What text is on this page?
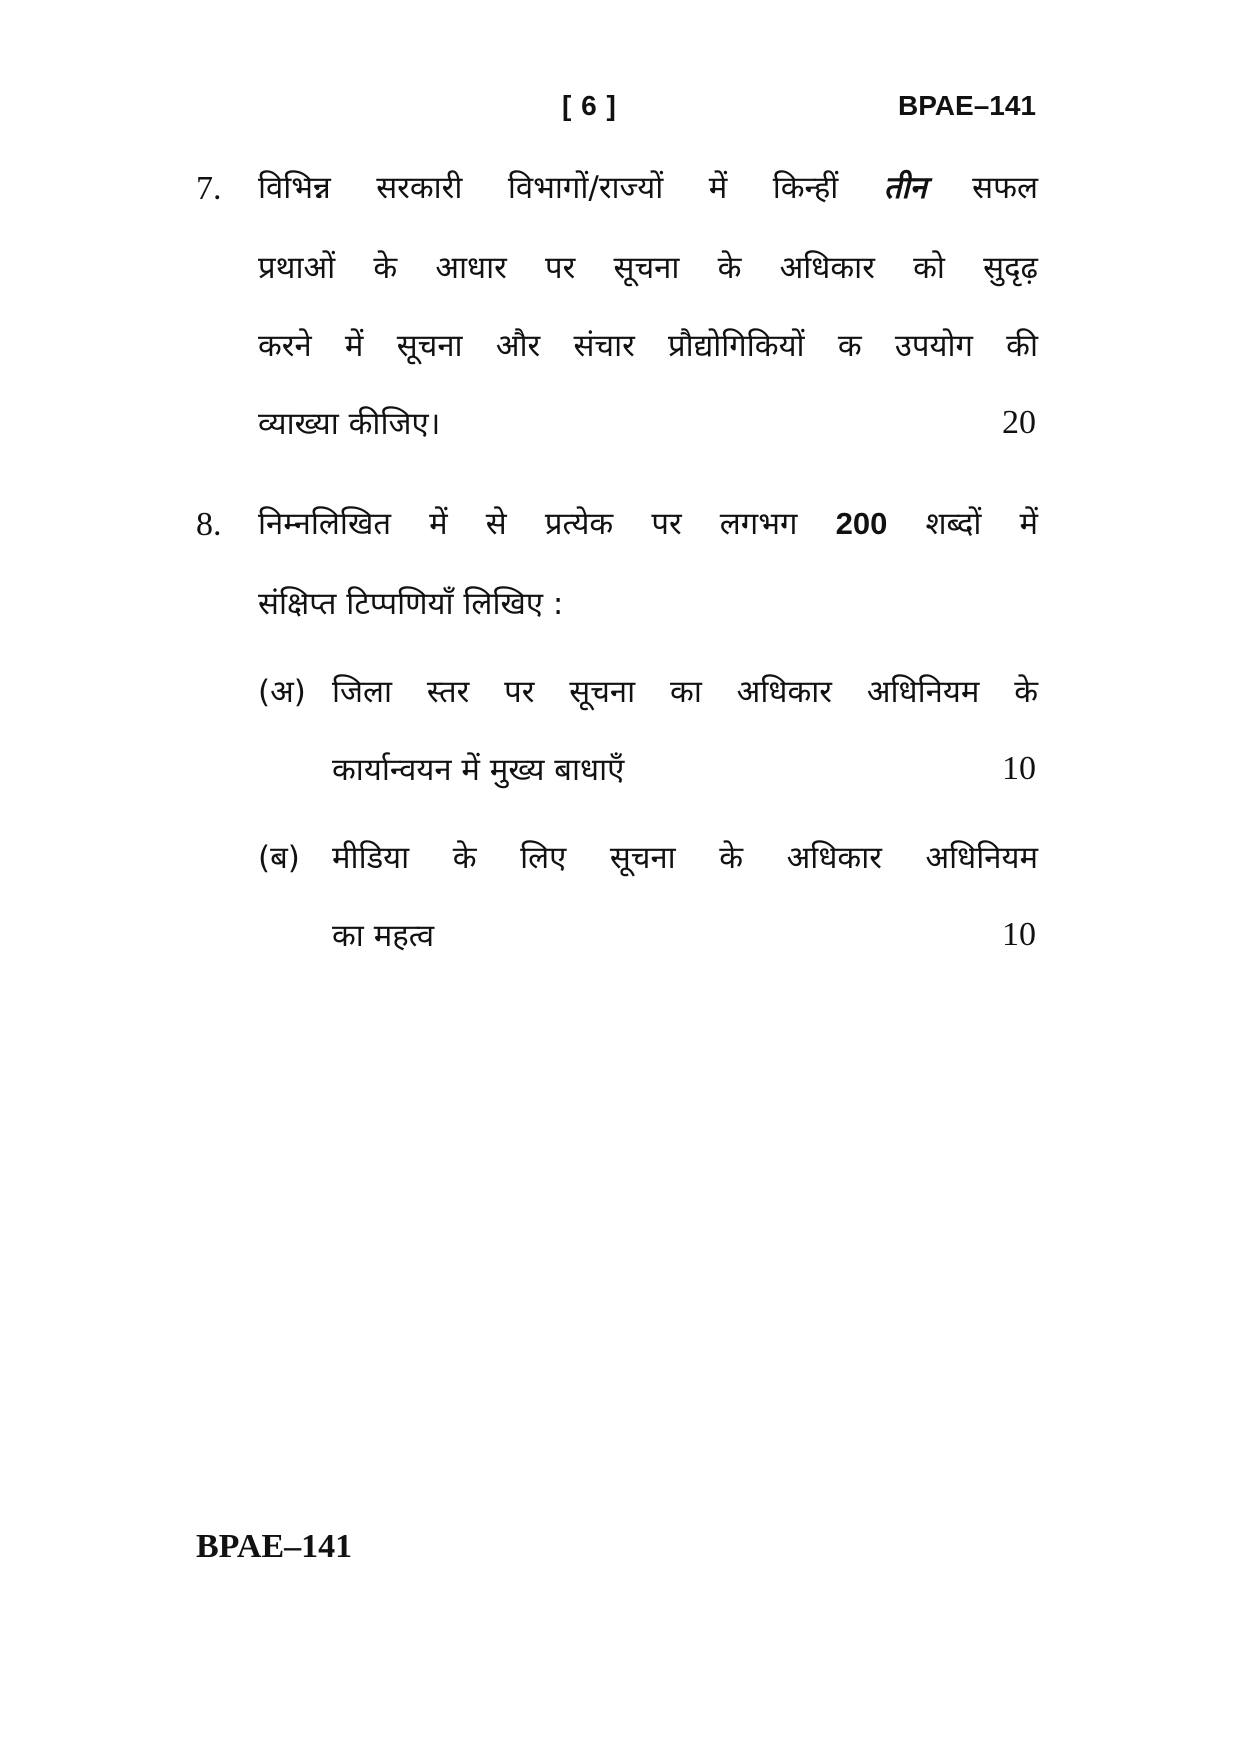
[ 6 ]	BPAE–141
7. विभिन्न सरकारी विभागों/राज्यों में किन्हीं तीन सफल
प्रथाओं के आधार पर सूचना के अधिकार को सुदृढ़
करने में सूचना और संचार प्रौद्योगिकियों क उपयोग की
व्याख्या कीजिए।	20
8. निम्नलिखित में से प्रत्येक पर लगभग 200 शब्दों में
संक्षिप्त टिप्पणियाँ लिखिए :
(अ) जिला स्तर पर सूचना का अधिकार अधिनियम के
कार्यान्वयन में मुख्य बाधाएँ	10
(ब) मीडिया के लिए सूचना के अधिकार अधिनियम
का महत्व	10
BPAE–141
